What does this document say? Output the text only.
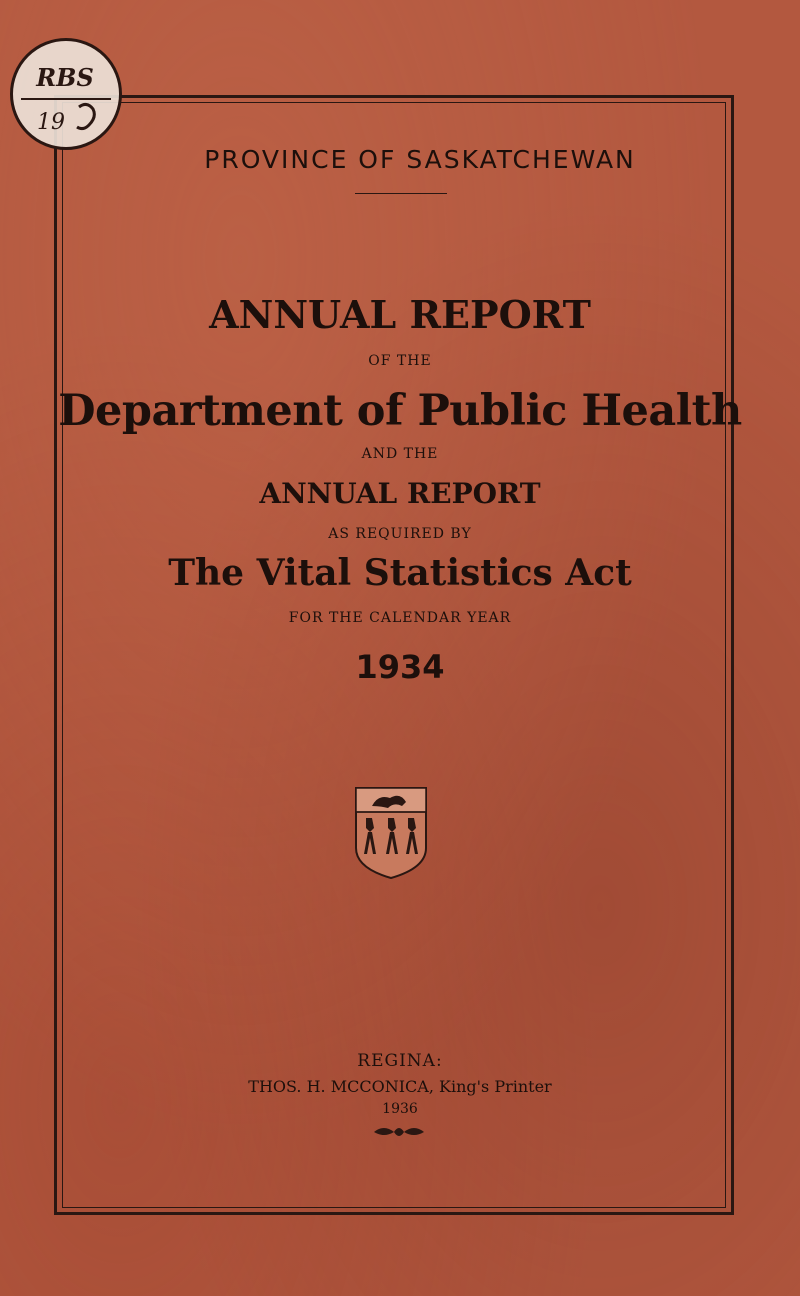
RBS
19

PROVINCE OF SASKATCHEWAN

ANNUAL REPORT

OF THE

Department of Public Health

AND THE

ANNUAL REPORT

AS REQUIRED BY

The Vital Statistics Act

FOR THE CALENDAR YEAR

1934

REGINA:

THOS. H. MCCONICA, King's Printer

1936
